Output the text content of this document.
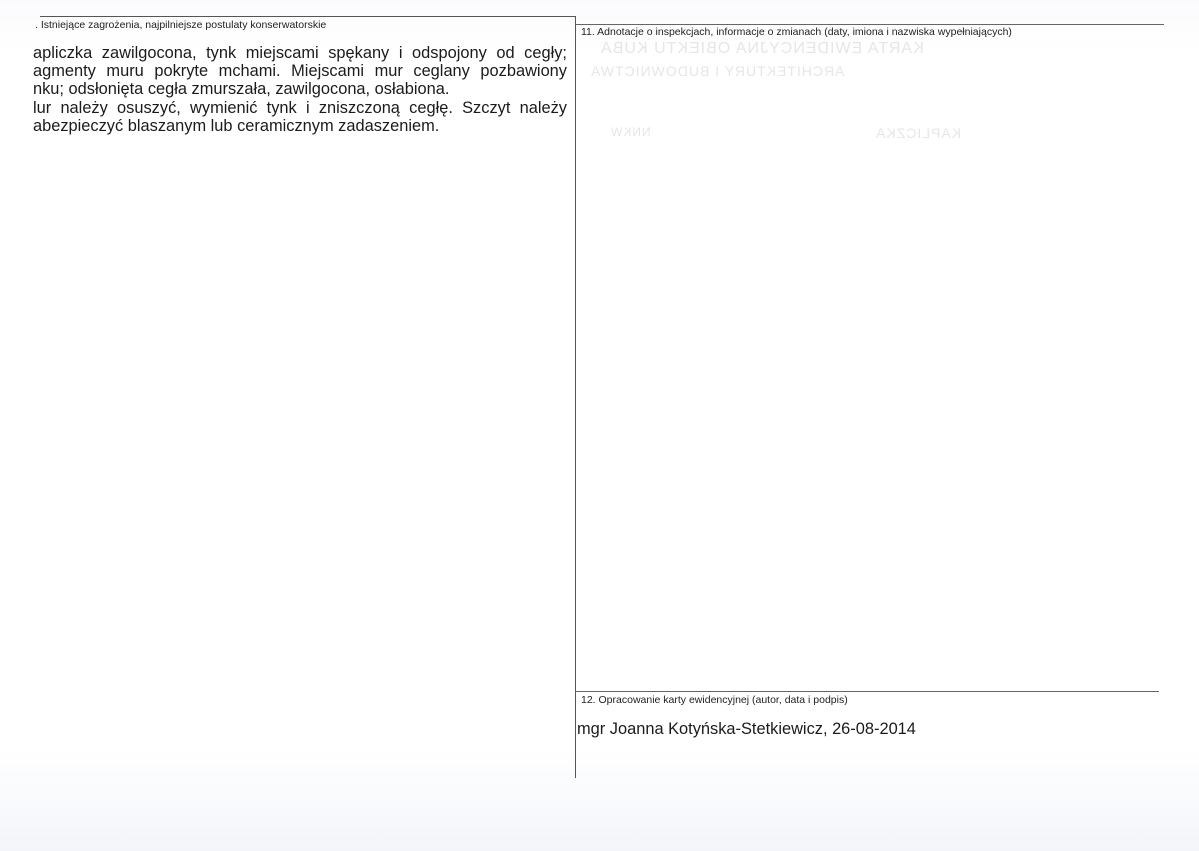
KARTA EWIDENCYJNA OBIEKTU KUBA
ARCHITEKTURY I BUDOWNICTWA
KAPLICZKA
NNKW
. Istniejące zagrożenia, najpilniejsze postulaty konserwatorskie
apliczka zawilgocona, tynk miejscami spękany i odspojony od cegły;
agmenty muru pokryte mchami. Miejscami mur ceglany pozbawiony
nku; odsłonięta cegła zmurszała, zawilgocona, osłabiona.
lur należy osuszyć, wymienić tynk i zniszczoną cegłę. Szczyt należy
abezpieczyć blaszanym lub ceramicznym zadaszeniem.
11. Adnotacje o inspekcjach, informacje o zmianach (daty, imiona i nazwiska wypełniających)
12. Opracowanie karty ewidencyjnej (autor, data i podpis)
mgr Joanna Kotyńska-Stetkiewicz, 26-08-2014
